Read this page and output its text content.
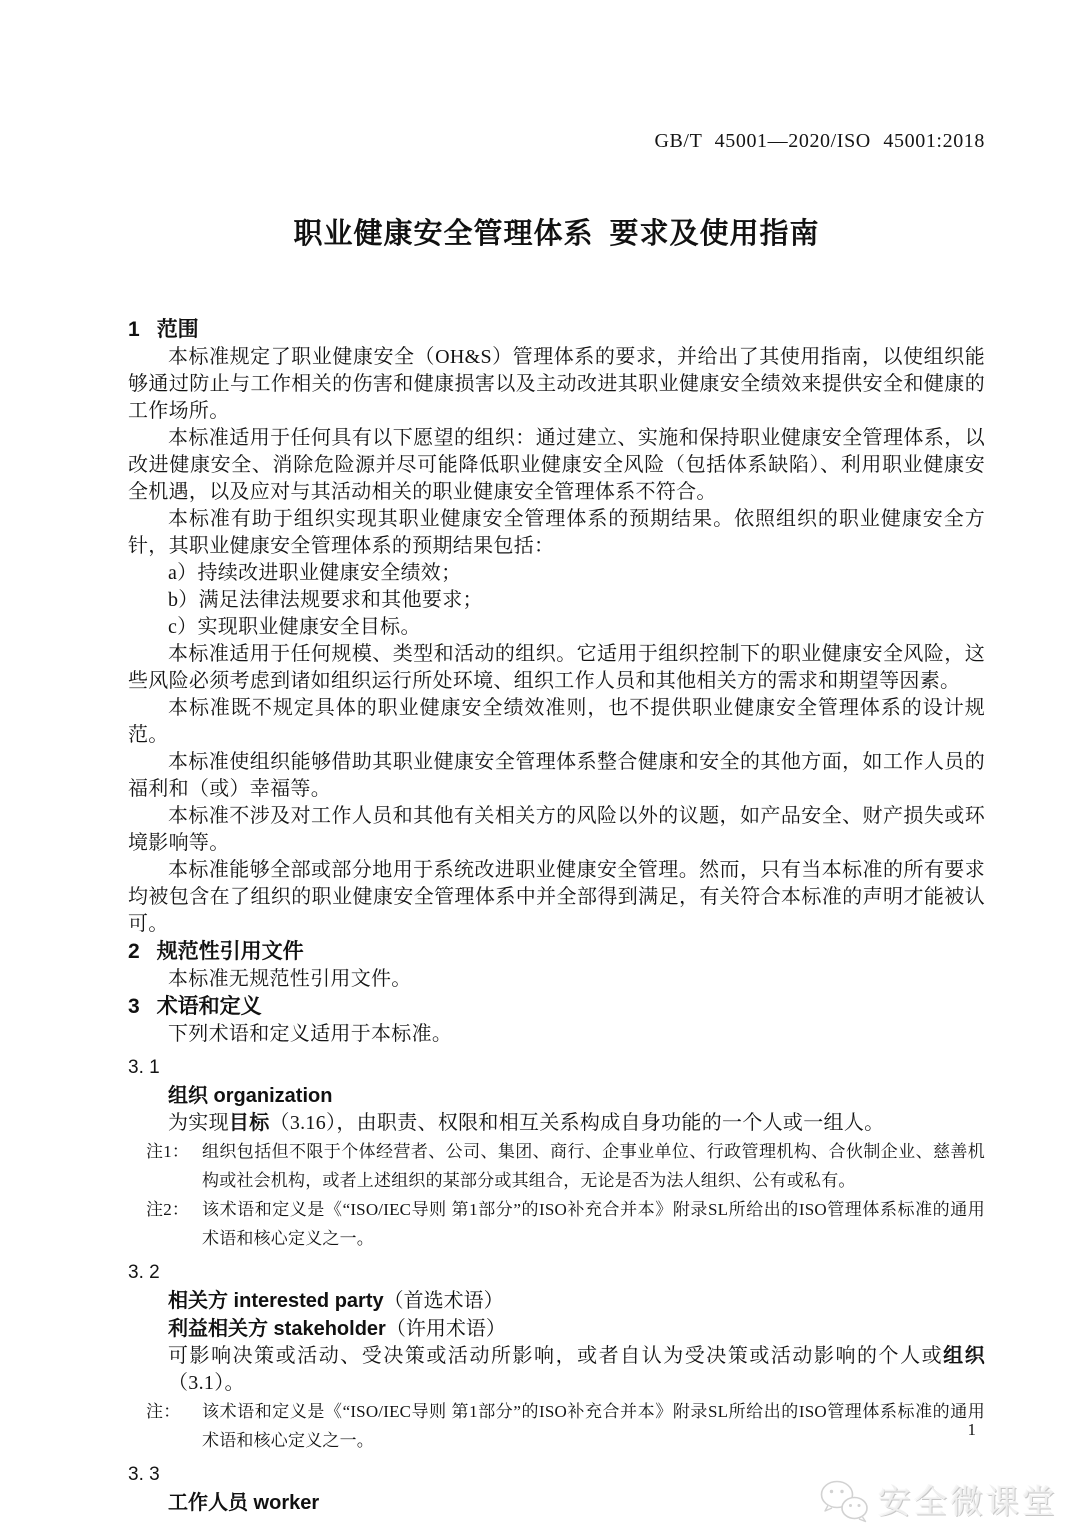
GB/T 45001—2020/ISO 45001:2018
职业健康安全管理体系 要求及使用指南
1 范围

本标准规定了职业健康安全（OH&S）管理体系的要求，并给出了其使用指南，以使组织能够通过防止与工作相关的伤害和健康损害以及主动改进其职业健康安全绩效来提供安全和健康的工作场所。

本标准适用于任何具有以下愿望的组织：通过建立、实施和保持职业健康安全管理体系，以改进健康安全、消除危险源并尽可能降低职业健康安全风险（包括体系缺陷）、利用职业健康安全机遇，以及应对与其活动相关的职业健康安全管理体系不符合。

本标准有助于组织实现其职业健康安全管理体系的预期结果。依照组织的职业健康安全方针，其职业健康安全管理体系的预期结果包括：

a）持续改进职业健康安全绩效；
b）满足法律法规要求和其他要求；
c）实现职业健康安全目标。

本标准适用于任何规模、类型和活动的组织。它适用于组织控制下的职业健康安全风险，这些风险必须考虑到诸如组织运行所处环境、组织工作人员和其他相关方的需求和期望等因素。

本标准既不规定具体的职业健康安全绩效准则，也不提供职业健康安全管理体系的设计规范。

本标准使组织能够借助其职业健康安全管理体系整合健康和安全的其他方面，如工作人员的福利和（或）幸福等。

本标准不涉及对工作人员和其他有关相关方的风险以外的议题，如产品安全、财产损失或环境影响等。

本标准能够全部或部分地用于系统改进职业健康安全管理。然而，只有当本标准的所有要求均被包含在了组织的职业健康安全管理体系中并全部得到满足，有关符合本标准的声明才能被认可。

2 规范性引用文件

本标准无规范性引用文件。

3 术语和定义

下列术语和定义适用于本标准。

3. 1
组织 organization

为实现目标（3.16），由职责、权限和相互关系构成自身功能的一个人或一组人。

注1： 组织包括但不限于个体经营者、公司、集团、商行、企事业单位、行政管理机构、合伙制企业、慈善机构或社会机构，或者上述组织的某部分或其组合，无论是否为法人组织、公有或私有。
注2： 该术语和定义是《“ISO/IEC导则 第1部分”的ISO补充合并本》附录SL所给出的ISO管理体系标准的通用术语和核心定义之一。
3. 2
相关方 interested party（首选术语）
利益相关方 stakeholder（许用术语）

可影响决策或活动、受决策或活动所影响，或者自认为受决策或活动影响的个人或组织（3.1）。

注： 该术语和定义是《“ISO/IEC导则 第1部分”的ISO补充合并本》附录SL所给出的ISO管理体系标准的通用术语和核心定义之一。
3. 3
工作人员 worker
1
安全微课堂
